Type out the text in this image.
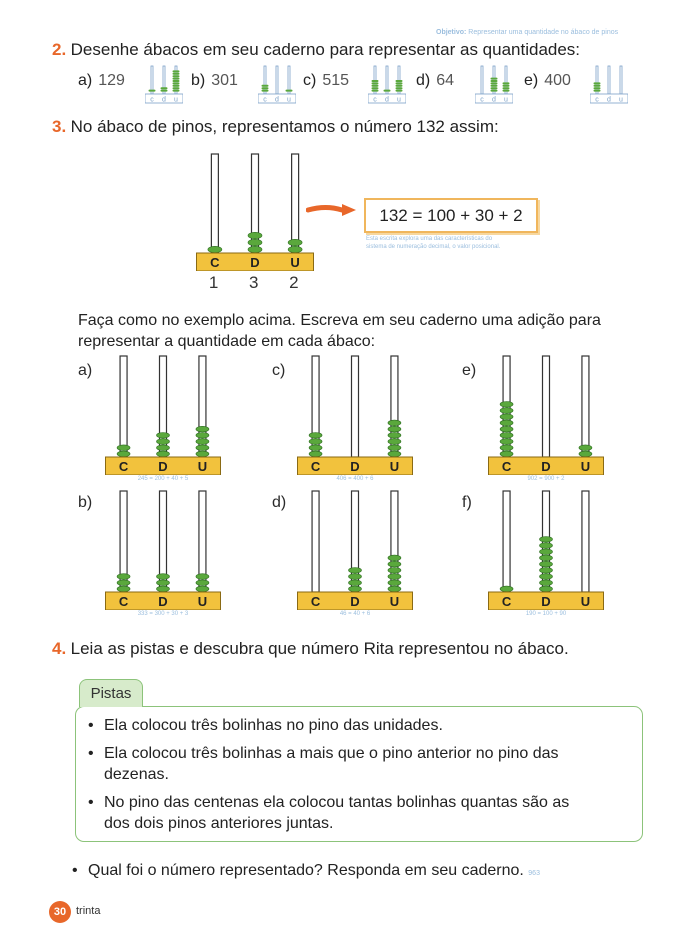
Objetivo: Representar uma quantidade no ábaco de pinos
2. Desenhe ábacos em seu caderno para representar as quantidades:
a) 129
c d u
b) 301
c d u
c) 515
c d u
d) 64
c d u
e) 400
c d u
3. No ábaco de pinos, representamos o número 132 assim:
C D U
1 3 2
132 = 100 + 30 + 2
Esta escrita explora uma das características do
sistema de numeração decimal, o valor posicional.
Faça como no exemplo acima. Escreva em seu caderno uma adição para
representar a quantidade em cada ábaco:
a)
C D U
245 = 200 + 40 + 5
c)
C D U
406 = 400 + 6
e)
C D U
902 = 900 + 2
b)
C D U
333 = 300 + 30 + 3
d)
C D U
46 = 40 + 6
f)
C D U
190 = 100 + 90
4. Leia as pistas e descubra que número Rita representou no ábaco.
Pistas
• Ela colocou três bolinhas no pino das unidades.
• Ela colocou três bolinhas a mais que o pino anterior no pino das
dezenas.
• No pino das centenas ela colocou tantas bolinhas quantas são as
dos dois pinos anteriores juntas.
• Qual foi o número representado? Responda em seu caderno. 963
30 trinta
